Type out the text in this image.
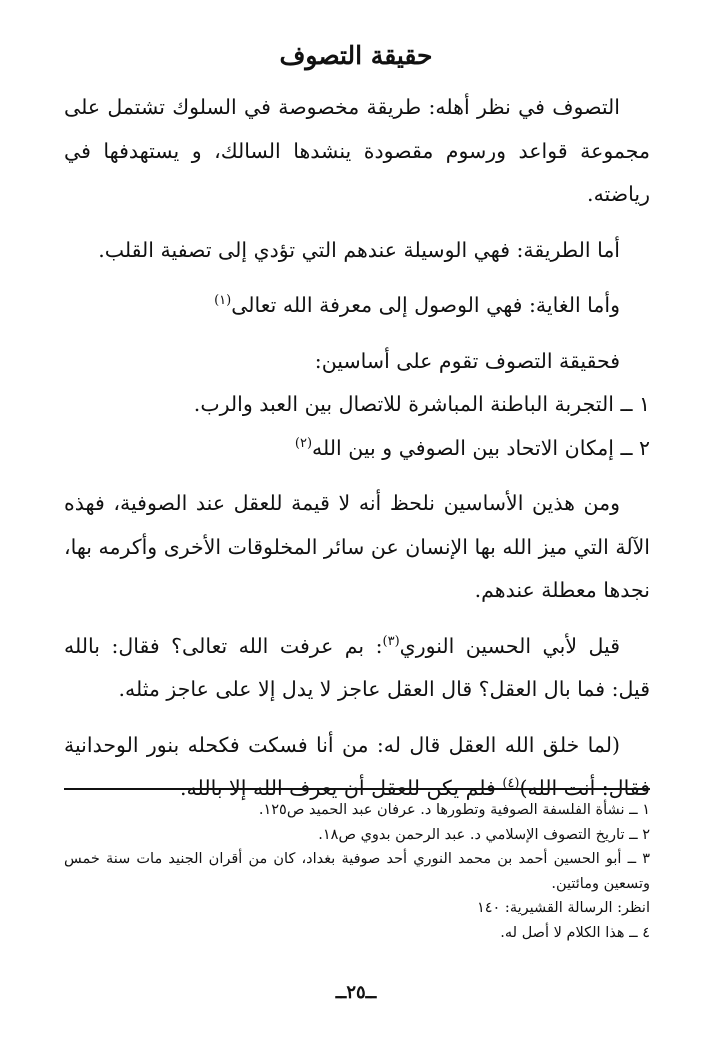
حقيقة التصوف

التصوف في نظر أهله: طريقة مخصوصة في السلوك تشتمل على مجموعة قواعد ورسوم مقصودة ينشدها السالك، و يستهدفها في رياضته.

أما الطريقة: فهي الوسيلة عندهم التي تؤدي إلى تصفية القلب.

وأما الغاية: فهي الوصول إلى معرفة الله تعالى$^{(١)}$

فحقيقة التصوف تقوم على أساسين:

١ ــ التجربة الباطنة المباشرة للاتصال بين العبد والرب.

٢ ــ إمكان الاتحاد بين الصوفي و بين الله$^{(٢)}$

ومن هذين الأساسين نلحظ أنه لا قيمة للعقل عند الصوفية، فهذه الآلة التي ميز الله بها الإنسان عن سائر المخلوقات الأخرى وأكرمه بها، نجدها معطلة عندهم.

قيل لأبي الحسين النوري$^{(٣)}$: بم عرفت الله تعالى؟ فقال: بالله قيل: فما بال العقل؟ قال العقل عاجز لا يدل إلا على عاجز مثله.

(لما خلق الله العقل قال له: من أنا فسكت فكحله بنور الوحدانية فقال: أنت الله)$^{(٤)}$ فلم يكن للعقل أن يعرف الله إلا بالله.

١ ــ نشأة الفلسفة الصوفية وتطورها د. عرفان عبد الحميد ص١٢٥.

٢ ــ تاريخ التصوف الإسلامي د. عبد الرحمن بدوي ص١٨.

٣ ــ أبو الحسين أحمد بن محمد النوري أحد صوفية بغداد، كان من أقران الجنيد مات سنة خمس وتسعين ومائتين.

انظر: الرسالة القشيرية: ١٤٠

٤ ــ هذا الكلام لا أصل له.

ــ٢٥ــ
